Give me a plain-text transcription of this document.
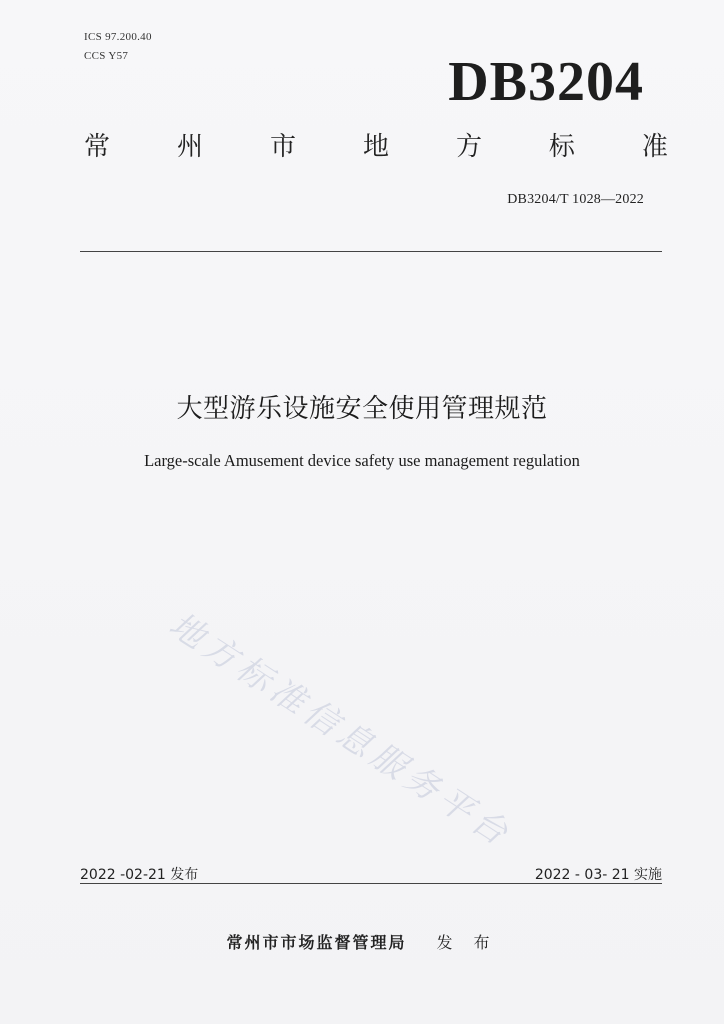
ICS 97.200.40
CCS Y57	DB3204
常	州	市	地	方	标	准
DB3204/T 1028—2022
大型游乐设施安全使用管理规范
Large-scale Amusement device safety use management regulation
地方标准信息服务平台
2022 -02-21 发布	2022 - 03- 21 实施
常州市市场监督管理局 发 布
